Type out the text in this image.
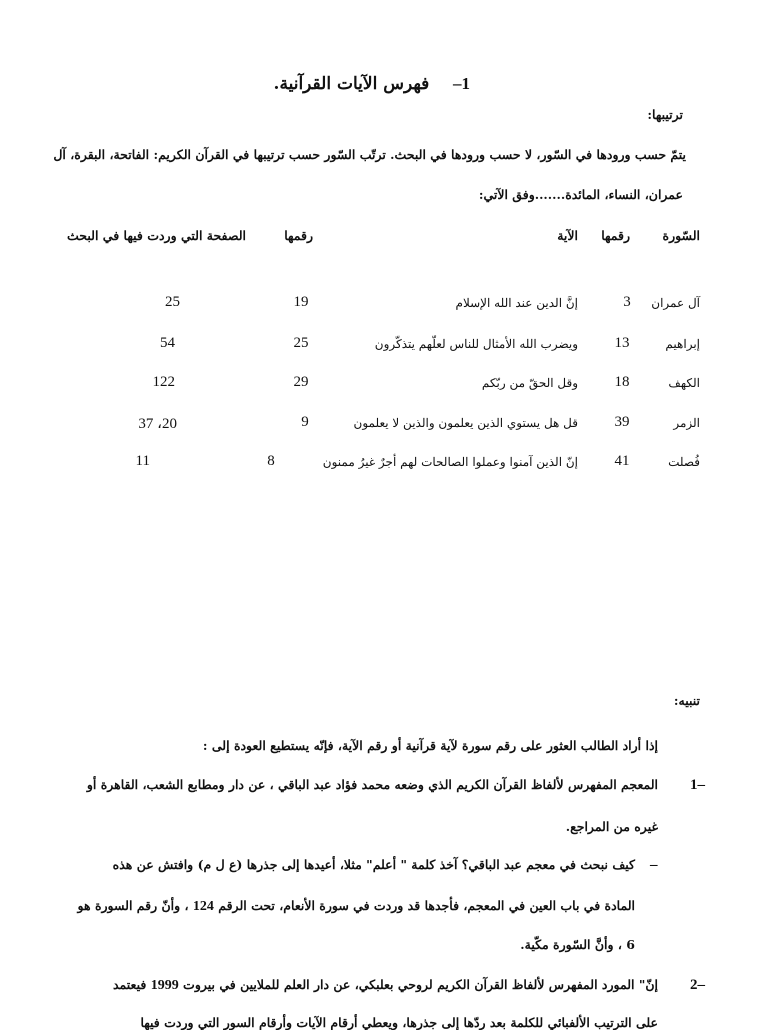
1–    فهرس الآيات القرآنية.
ترتيبها:
يتمّ حسب ورودها في السّور، لا حسب ورودها في البحث. ترتّب السّور حسب ترتيبها في القرآن الكريم: الفاتحة، البقرة، آل
عمران، النساء، المائدة.......وفق الآتي:
السّورة
رقمها
الآية
رقمها
الصفحة التي وردت فيها في البحث
آل عمران
3
إنَّ الدين عند الله الإسلام
19
25
إبراهيم
13
ويضرب الله الأمثال للناس لعلّهم يتذكّرون
25
54
الكهف
18
وقل الحقّ من ربّكم
29
122
الزمر
39
قل هل يستوي الذين يعلمون والذين لا يعلمون
9
20، 37
فُصلت
41
إنّ الذين آمنوا وعملوا الصالحات لهم أجرٌ غيرُ ممنون
8
11
تنبيه:
إذا أراد الطالب العثور على رقم سورة لآية قرآنية أو رقم الآية، فإنّه يستطيع العودة إلى :
1–
المعجم المفهرس لألفاظ القرآن الكريم الذي وضعه محمد فؤاد عبد الباقي ، عن دار ومطابع الشعب، القاهرة أو
غيره من المراجع.
–
كيف نبحث في معجم عبد الباقي؟ آخذ كلمة " أعلم" مثلا، أعيدها إلى جذرها (ع ل م) وافتش عن هذه
المادة في باب العين في المعجم، فأجدها قد وردت في سورة الأنعام، تحت الرقم 124 ، وأنّ رقم السورة هو
6 ، وأنَّ السّورة مكّية.
2–
إنّ" المورد المفهرس لألفاظ القرآن الكريم لروحي بعلبكي، عن دار العلم للملايين في بيروت 1999 فيعتمد
على الترتيب الألفبائي للكلمة بعد ردّها إلى جذرها، ويعطي أرقام الآيات وأرقام السور التي وردت فيها
